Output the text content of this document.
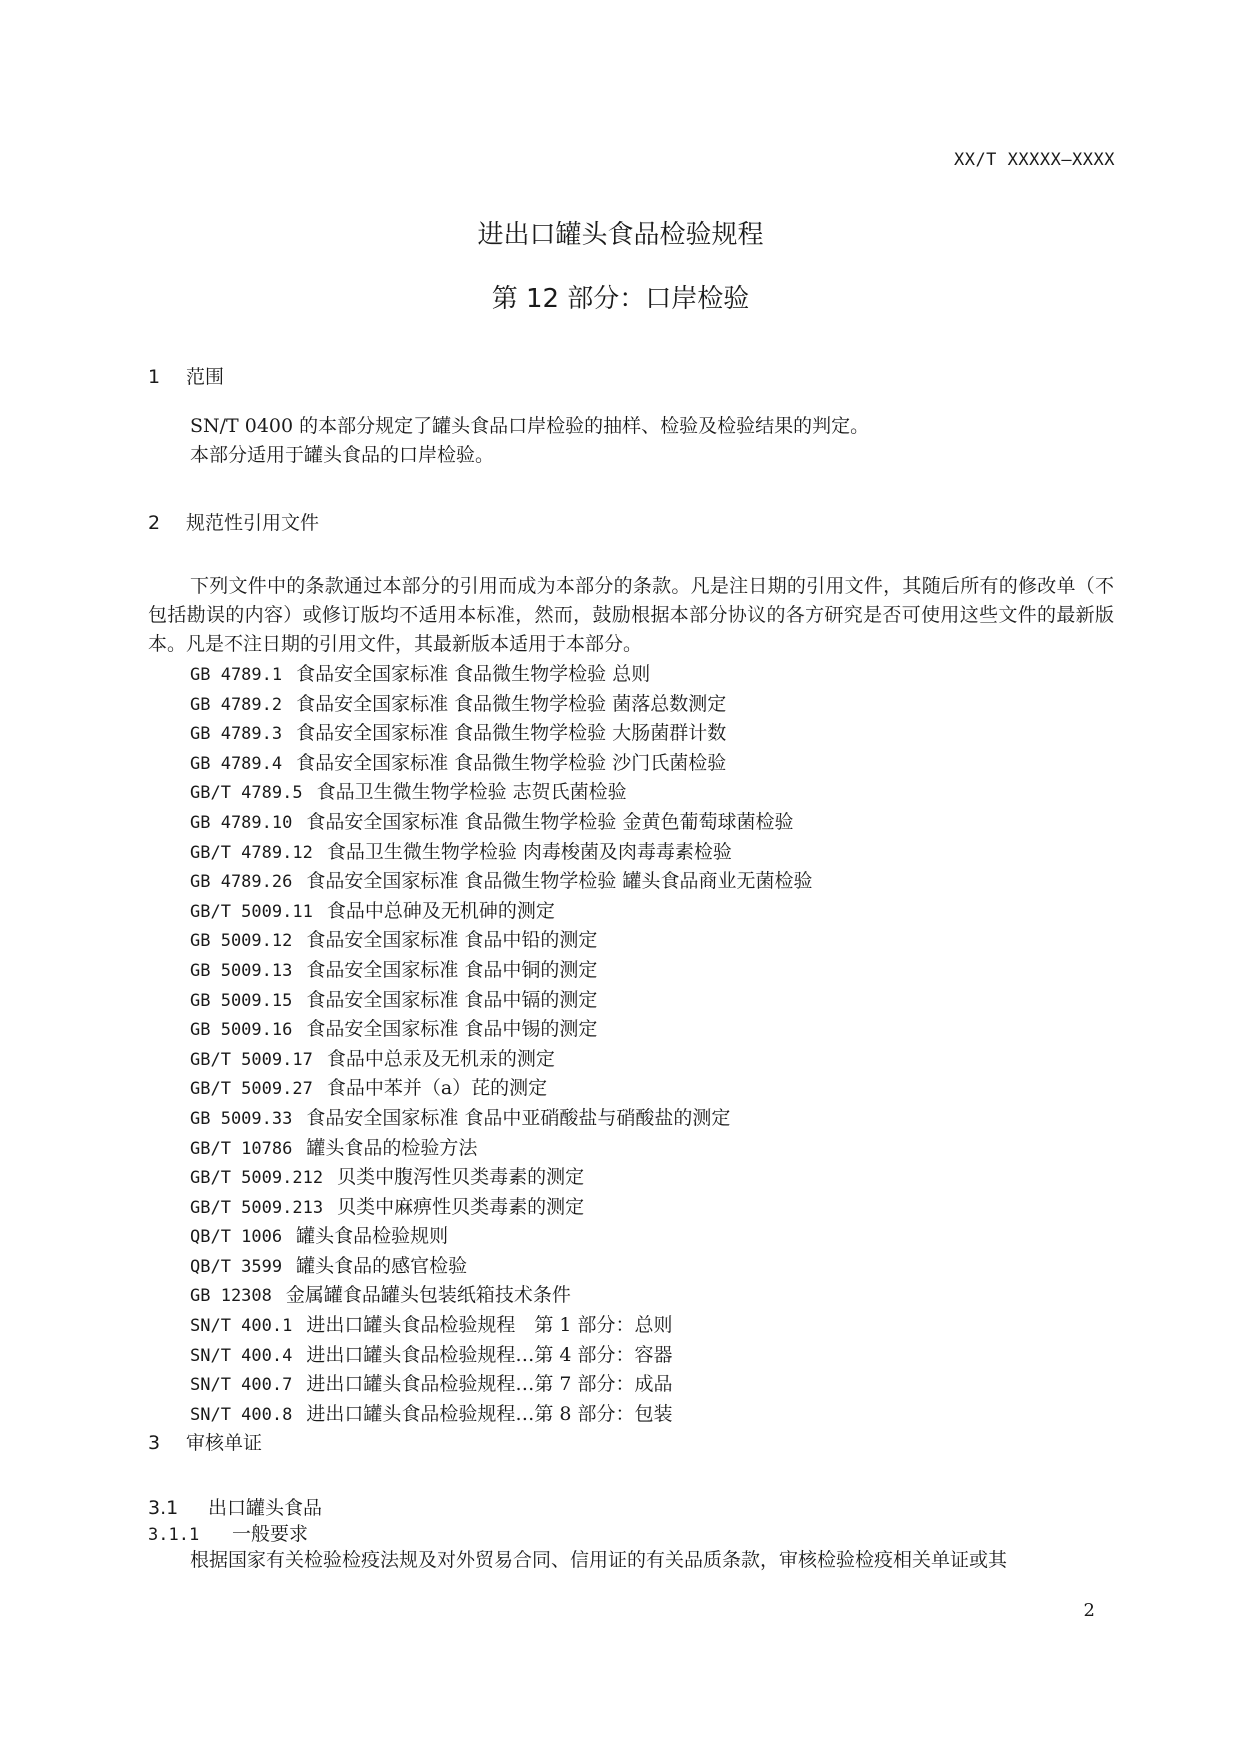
XX/T XXXXX—XXXX
进出口罐头食品检验规程
第 12 部分：口岸检验
1 范围

SN/T 0400 的本部分规定了罐头食品口岸检验的抽样、检验及检验结果的判定。

本部分适用于罐头食品的口岸检验。

2 规范性引用文件

下列文件中的条款通过本部分的引用而成为本部分的条款。凡是注日期的引用文件，其随后所有的修改单（不包括勘误的内容）或修订版均不适用本标准，然而，鼓励根据本部分协议的各方研究是否可使用这些文件的最新版本。凡是不注日期的引用文件，其最新版本适用于本部分。

GB 4789.1 食品安全国家标准 食品微生物学检验 总则
GB 4789.2 食品安全国家标准 食品微生物学检验 菌落总数测定
GB 4789.3 食品安全国家标准 食品微生物学检验 大肠菌群计数
GB 4789.4 食品安全国家标准 食品微生物学检验 沙门氏菌检验
GB/T 4789.5 食品卫生微生物学检验 志贺氏菌检验
GB 4789.10 食品安全国家标准 食品微生物学检验 金黄色葡萄球菌检验
GB/T 4789.12 食品卫生微生物学检验 肉毒梭菌及肉毒毒素检验
GB 4789.26 食品安全国家标准 食品微生物学检验 罐头食品商业无菌检验
GB/T 5009.11 食品中总砷及无机砷的测定
GB 5009.12 食品安全国家标准 食品中铅的测定
GB 5009.13 食品安全国家标准 食品中铜的测定
GB 5009.15 食品安全国家标准 食品中镉的测定
GB 5009.16 食品安全国家标准 食品中锡的测定
GB/T 5009.17 食品中总汞及无机汞的测定
GB/T 5009.27 食品中苯并（a）芘的测定
GB 5009.33 食品安全国家标准 食品中亚硝酸盐与硝酸盐的测定
GB/T 10786 罐头食品的检验方法
GB/T 5009.212 贝类中腹泻性贝类毒素的测定
GB/T 5009.213 贝类中麻痹性贝类毒素的测定
QB/T 1006 罐头食品检验规则
QB/T 3599 罐头食品的感官检验
GB 12308 金属罐食品罐头包装纸箱技术条件
SN/T 400.1 进出口罐头食品检验规程　第 1 部分：总则
SN/T 400.4 进出口罐头食品检验规程…第 4 部分：容器
SN/T 400.7 进出口罐头食品检验规程…第 7 部分：成品
SN/T 400.8 进出口罐头食品检验规程…第 8 部分：包装
3 审核单证
3.1 出口罐头食品
3.1.1 一般要求

根据国家有关检验检疫法规及对外贸易合同、信用证的有关品质条款，审核检验检疫相关单证或其

2
